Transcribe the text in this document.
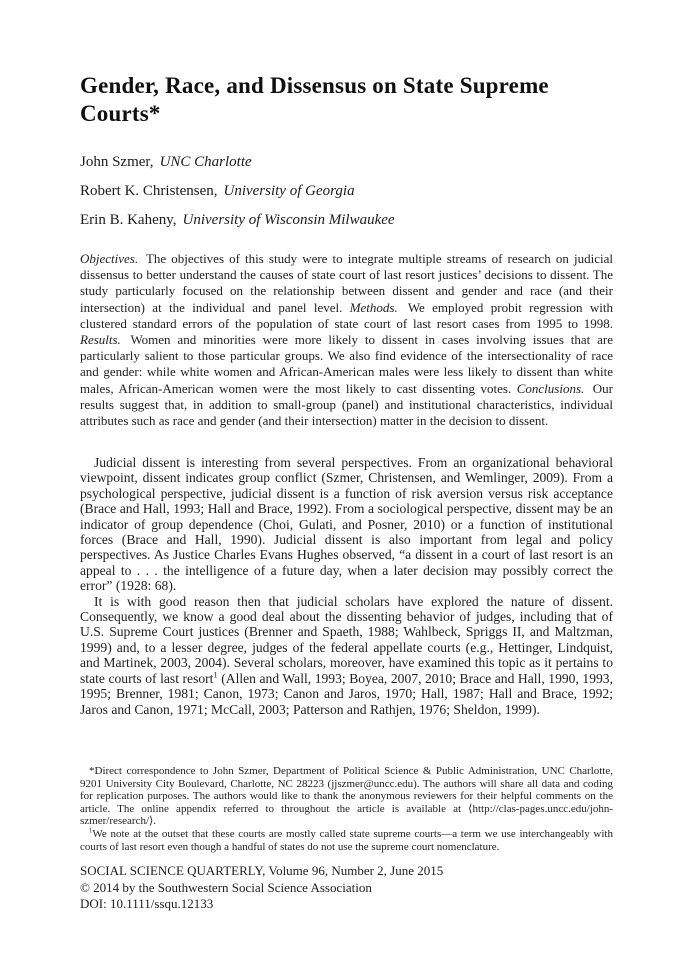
Gender, Race, and Dissensus on State Supreme Courts*
John Szmer, UNC Charlotte
Robert K. Christensen, University of Georgia
Erin B. Kaheny, University of Wisconsin Milwaukee

Objectives. The objectives of this study were to integrate multiple streams of research on judicial dissensus to better understand the causes of state court of last resort justices’ decisions to dissent. The study particularly focused on the relationship between dissent and gender and race (and their intersection) at the individual and panel level. Methods. We employed probit regression with clustered standard errors of the population of state court of last resort cases from 1995 to 1998. Results. Women and minorities were more likely to dissent in cases involving issues that are particularly salient to those particular groups. We also find evidence of the intersectionality of race and gender: while white women and African-American males were less likely to dissent than white males, African-American women were the most likely to cast dissenting votes. Conclusions. Our results suggest that, in addition to small-group (panel) and institutional characteristics, individual attributes such as race and gender (and their intersection) matter in the decision to dissent.

Judicial dissent is interesting from several perspectives. From an organizational behavioral viewpoint, dissent indicates group conflict (Szmer, Christensen, and Wemlinger, 2009). From a psychological perspective, judicial dissent is a function of risk aversion versus risk acceptance (Brace and Hall, 1993; Hall and Brace, 1992). From a sociological perspective, dissent may be an indicator of group dependence (Choi, Gulati, and Posner, 2010) or a function of institutional forces (Brace and Hall, 1990). Judicial dissent is also important from legal and policy perspectives. As Justice Charles Evans Hughes observed, “a dissent in a court of last resort is an appeal to . . . the intelligence of a future day, when a later decision may possibly correct the error” (1928: 68).

It is with good reason then that judicial scholars have explored the nature of dissent. Consequently, we know a good deal about the dissenting behavior of judges, including that of U.S. Supreme Court justices (Brenner and Spaeth, 1988; Wahlbeck, Spriggs II, and Maltzman, 1999) and, to a lesser degree, judges of the federal appellate courts (e.g., Hettinger, Lindquist, and Martinek, 2003, 2004). Several scholars, moreover, have examined this topic as it pertains to state courts of last resort$^1$ (Allen and Wall, 1993; Boyea, 2007, 2010; Brace and Hall, 1990, 1993, 1995; Brenner, 1981; Canon, 1973; Canon and Jaros, 1970; Hall, 1987; Hall and Brace, 1992; Jaros and Canon, 1971; McCall, 2003; Patterson and Rathjen, 1976; Sheldon, 1999).

*Direct correspondence to John Szmer, Department of Political Science & Public Administration, UNC Charlotte, 9201 University City Boulevard, Charlotte, NC 28223 (jjszmer@uncc.edu). The authors will share all data and coding for replication purposes. The authors would like to thank the anonymous reviewers for their helpful comments on the article. The online appendix referred to throughout the article is available at ⟨http://clas-pages.uncc.edu/john-szmer/research/⟩.

$^1$We note at the outset that these courts are mostly called state supreme courts—a term we use interchangeably with courts of last resort even though a handful of states do not use the supreme court nomenclature.

SOCIAL SCIENCE QUARTERLY, Volume 96, Number 2, June 2015
© 2014 by the Southwestern Social Science Association
DOI: 10.1111/ssqu.12133
